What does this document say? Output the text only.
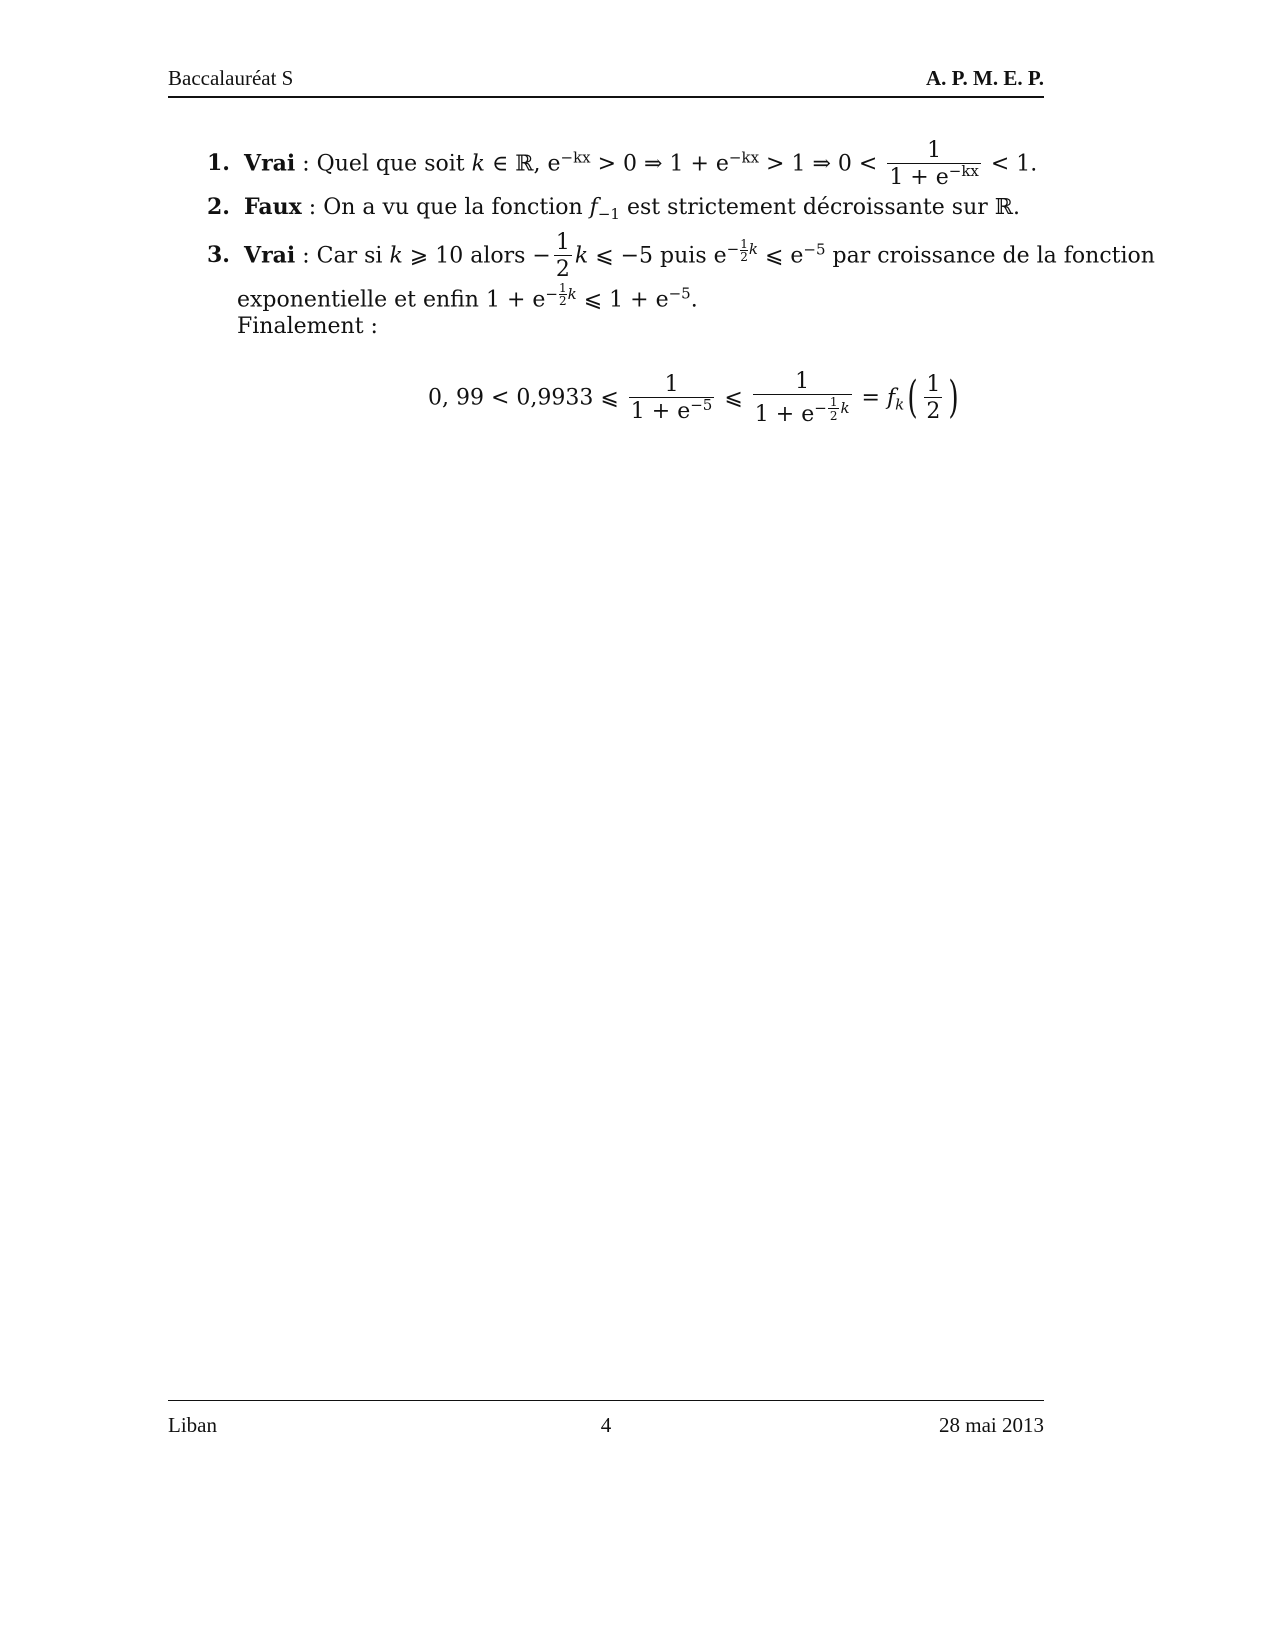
Baccalauréat S	A. P. M. E. P.
1. Vrai : Quel que soit k ∈ ℝ, $e^{-kx} > 0$ ⇒ $1 + e^{-kx} > 1$ ⇒ $0 < \frac{1}{1 + e^{-kx}} < 1$.
2. Faux : On a vu que la fonction $f_{-1}$ est strictement décroissante sur ℝ.
3. Vrai : Car si k ⩾ 10 alors − $\frac{1}{2}$ k ⩽ −5 puis $e^{- \frac{1}{2} k}$ ⩽ $e^{-5}$ par croissance de la fonction
exponentielle et enfin $1 + e^{- \frac{1}{2} k}$ ⩽ $1 + e^{-5}$.
Finalement :
0, 99 < 0,9933 ⩽ $\frac{1}{1 + e^{-5}}$ ⩽ 1
$1 + e^{- \frac{1}{2} k} = f_k( \frac{1}{2}$ )
Liban	4	28 mai 2013
